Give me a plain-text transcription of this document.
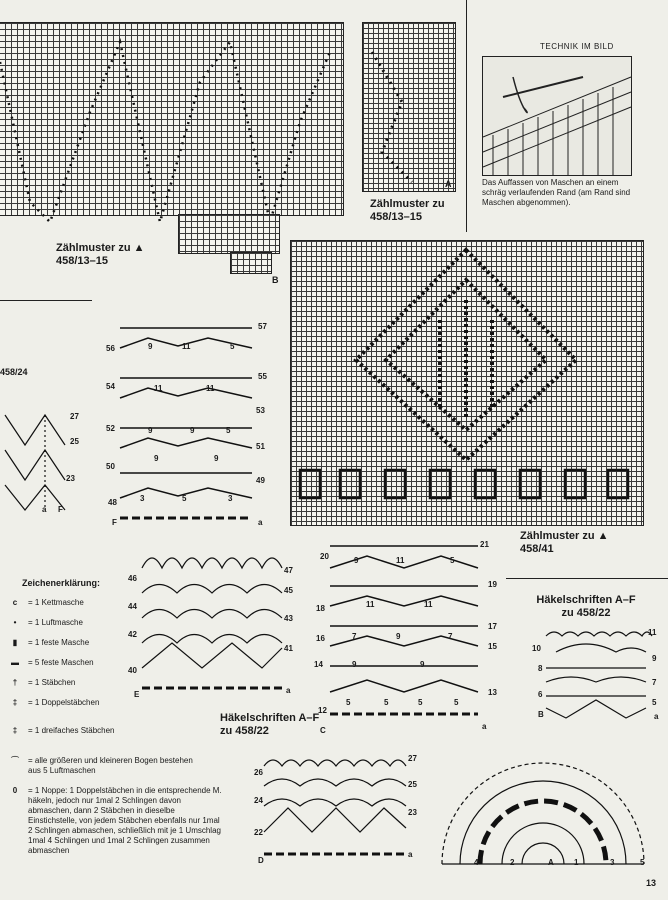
Zählmuster zu ▲ 458/13–15
B
A
Zählmuster zu 458/13–15
TECHNIK IM BILD
Das Auffassen von Maschen an einem schräg verlaufenden Rand (am Rand sind Maschen abgenommen).
Zählmuster zu ▲ 458/41
458/24
27
25
23
a F
57
56
55
54
53
52
51
50
49
48
9	11	5
11	11
9	9	5
9	9
3	5	3
F	a
Zeichenerklärung:
c	= 1 Kettmasche
•	= 1 Luftmasche
▮	= 1 feste Masche
▬	= 5 feste Maschen
†	= 1 Stäbchen
‡	= 1 Doppelstäbchen
‡	= 1 dreifaches Stäbchen
⌒	= alle größeren und kleineren Bogen bestehen aus 5 Luftmaschen
0	= 1 Noppe: 1 Doppelstäbchen in die entsprechende M. häkeln, jedoch nur 1mal 2 Schlingen davon abmaschen, dann 2 Stäbchen in dieselbe Einstichstelle, von jedem Stäbchen ebenfalls nur 1mal 2 Schlingen abmaschen, schließlich mit je 1 Umschlag 1mal 4 Schlingen und 1mal 2 Schlingen zusammen abmaschen
47
46
45
44
43
42
41
40
E	a
Häkelschriften A–F zu 458/22
21
20
19
18
17
16
15
14
13
12
9	11	5
11	11
7	9	7
9	9
5	5	5	5
C	a
Häkelschriften A–F zu 458/22
11
10
9
8
7
6
5
B	a
27
26
25
24
23
22
D
a
4	2	A	1	3	5
13
